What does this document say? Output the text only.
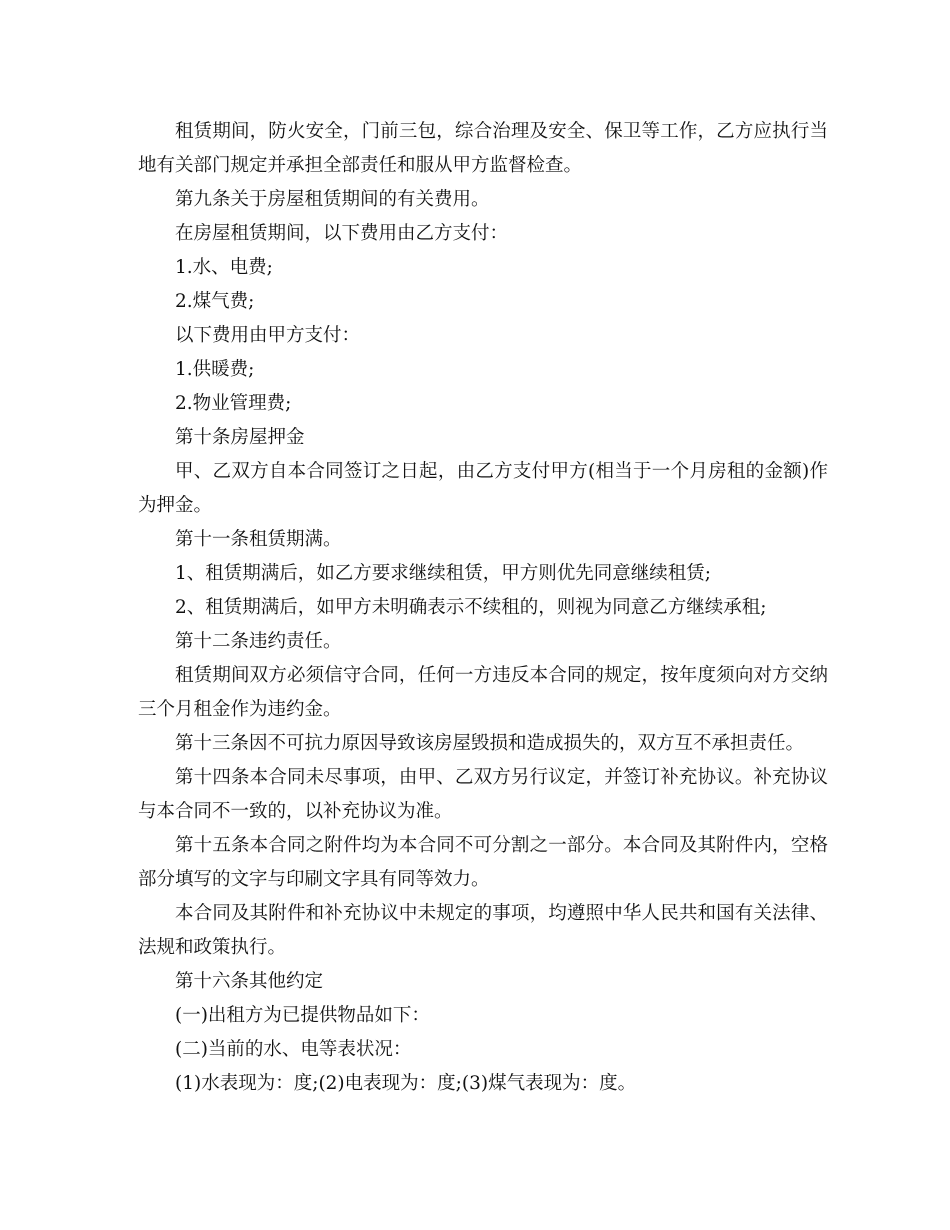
租赁期间，防火安全，门前三包，综合治理及安全、保卫等工作，乙方应执行当地有关部门规定并承担全部责任和服从甲方监督检查。

第九条关于房屋租赁期间的有关费用。

在房屋租赁期间，以下费用由乙方支付：

1.水、电费;

2.煤气费;

以下费用由甲方支付：

1.供暖费;

2.物业管理费;

第十条房屋押金

甲、乙双方自本合同签订之日起，由乙方支付甲方(相当于一个月房租的金额)作为押金。

第十一条租赁期满。

1、租赁期满后，如乙方要求继续租赁，甲方则优先同意继续租赁;

2、租赁期满后，如甲方未明确表示不续租的，则视为同意乙方继续承租;

第十二条违约责任。

租赁期间双方必须信守合同，任何一方违反本合同的规定，按年度须向对方交纳三个月租金作为违约金。

第十三条因不可抗力原因导致该房屋毁损和造成损失的，双方互不承担责任。

第十四条本合同未尽事项，由甲、乙双方另行议定，并签订补充协议。补充协议与本合同不一致的，以补充协议为准。

第十五条本合同之附件均为本合同不可分割之一部分。本合同及其附件内，空格部分填写的文字与印刷文字具有同等效力。

本合同及其附件和补充协议中未规定的事项，均遵照中华人民共和国有关法律、法规和政策执行。

第十六条其他约定

(一)出租方为已提供物品如下：

(二)当前的水、电等表状况：

(1)水表现为：度;(2)电表现为：度;(3)煤气表现为：度。
